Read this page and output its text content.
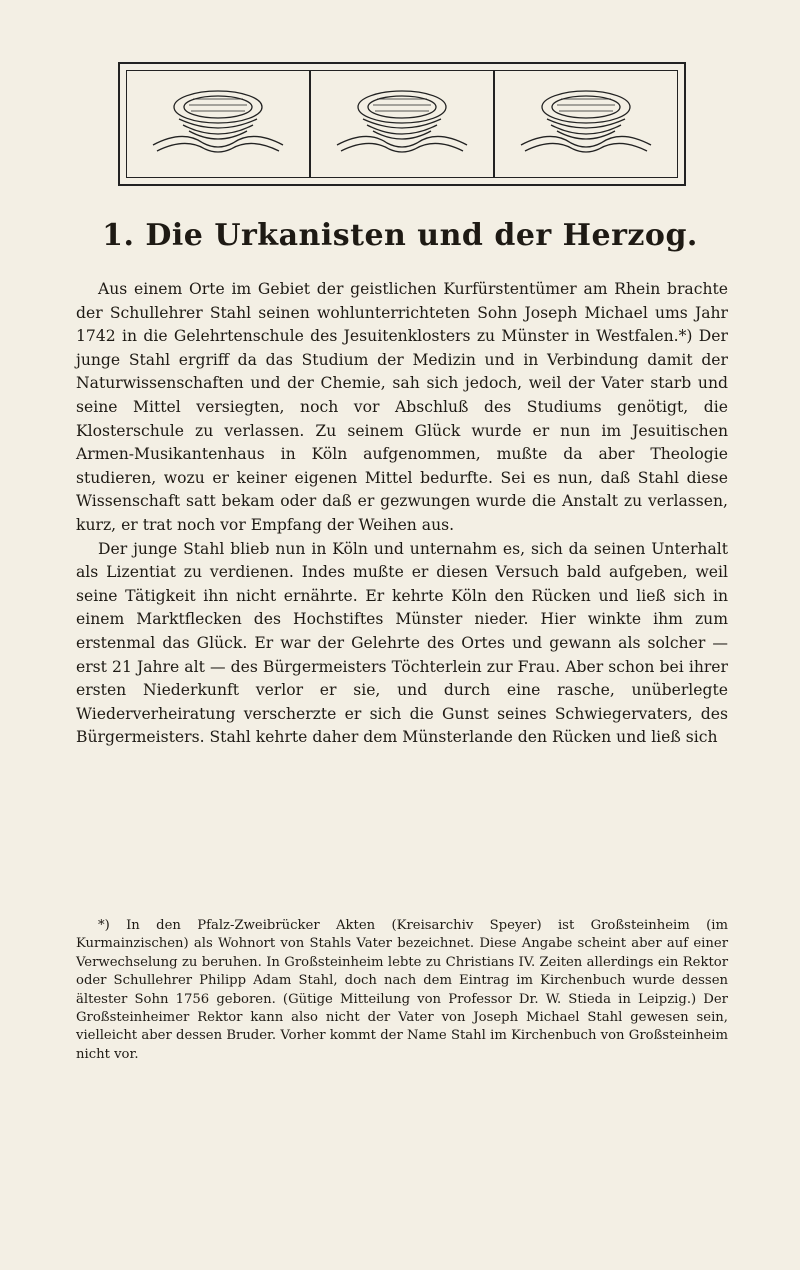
1. Die Urkanisten und der Herzog.

Aus einem Orte im Gebiet der geistlichen Kurfürstentümer am Rhein brachte der Schullehrer Stahl seinen wohlunterrichteten Sohn Joseph Michael ums Jahr 1742 in die Gelehrtenschule des Jesuitenklosters zu Münster in Westfalen.*) Der junge Stahl ergriff da das Studium der Medizin und in Verbindung damit der Naturwissenschaften und der Chemie, sah sich jedoch, weil der Vater starb und seine Mittel versiegten, noch vor Abschluß des Studiums genötigt, die Klosterschule zu verlassen. Zu seinem Glück wurde er nun im Jesuitischen Armen-Musikantenhaus in Köln aufgenommen, mußte da aber Theologie studieren, wozu er keiner eigenen Mittel bedurfte. Sei es nun, daß Stahl diese Wissenschaft satt bekam oder daß er gezwungen wurde die Anstalt zu verlassen, kurz, er trat noch vor Empfang der Weihen aus.

Der junge Stahl blieb nun in Köln und unternahm es, sich da seinen Unterhalt als Lizentiat zu verdienen. Indes mußte er diesen Versuch bald aufgeben, weil seine Tätigkeit ihn nicht ernährte. Er kehrte Köln den Rücken und ließ sich in einem Marktflecken des Hochstiftes Münster nieder. Hier winkte ihm zum erstenmal das Glück. Er war der Gelehrte des Ortes und gewann als solcher — erst 21 Jahre alt — des Bürgermeisters Töchterlein zur Frau. Aber schon bei ihrer ersten Niederkunft verlor er sie, und durch eine rasche, unüberlegte Wiederverheiratung verscherzte er sich die Gunst seines Schwiegervaters, des Bürgermeisters. Stahl kehrte daher dem Münsterlande den Rücken und ließ sich

*) In den Pfalz-Zweibrücker Akten (Kreisarchiv Speyer) ist Großsteinheim (im Kurmainzischen) als Wohnort von Stahls Vater bezeichnet. Diese Angabe scheint aber auf einer Verwechselung zu beruhen. In Großsteinheim lebte zu Christians IV. Zeiten allerdings ein Rektor oder Schullehrer Philipp Adam Stahl, doch nach dem Eintrag im Kirchenbuch wurde dessen ältester Sohn 1756 geboren. (Gütige Mitteilung von Professor Dr. W. Stieda in Leipzig.) Der Großsteinheimer Rektor kann also nicht der Vater von Joseph Michael Stahl gewesen sein, vielleicht aber dessen Bruder. Vorher kommt der Name Stahl im Kirchenbuch von Großsteinheim nicht vor.
